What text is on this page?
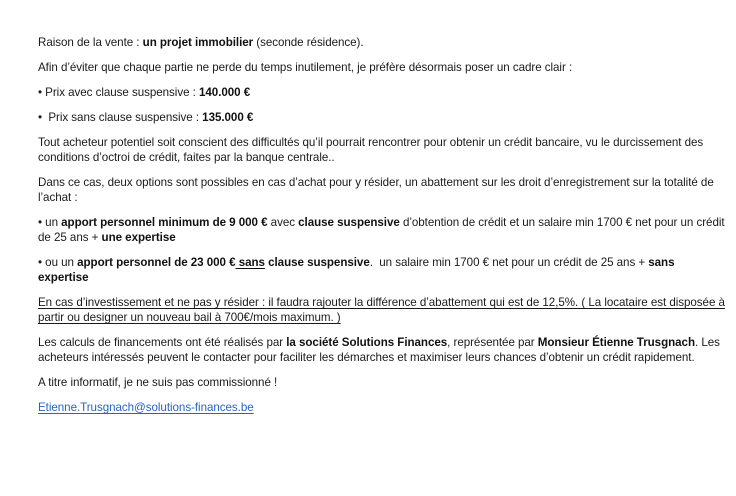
Raison de la vente : un projet immobilier (seconde résidence).

Afin d’éviter que chaque partie ne perde du temps inutilement, je préfère désormais poser un cadre clair :

• Prix avec clause suspensive : 140.000 €

•  Prix sans clause suspensive : 135.000 €

Tout acheteur potentiel soit conscient des difficultés qu’il pourrait rencontrer pour obtenir un crédit bancaire, vu le durcissement des conditions d’octroi de crédit, faites par la banque centrale..

Dans ce cas, deux options sont possibles en cas d’achat pour y résider, un abattement sur les droit d’enregistrement sur la totalité de l’achat :

• un apport personnel minimum de 9 000 € avec clause suspensive d’obtention de crédit et un salaire min 1700 € net pour un crédit de 25 ans + une expertise

• ou un apport personnel de 23 000 € sans clause suspensive.  un salaire min 1700 € net pour un crédit de 25 ans + sans expertise

En cas d’investissement et ne pas y résider : il faudra rajouter la différence d’abattement qui est de 12,5%. ( La locataire est disposée à partir ou designer un nouveau bail à 700€/mois maximum. )

Les calculs de financements ont été réalisés par la société Solutions Finances, représentée par Monsieur Étienne Trusgnach. Les acheteurs intéressés peuvent le contacter pour faciliter les démarches et maximiser leurs chances d’obtenir un crédit rapidement.

A titre informatif, je ne suis pas commissionné !

Etienne.Trusgnach@solutions-finances.be
